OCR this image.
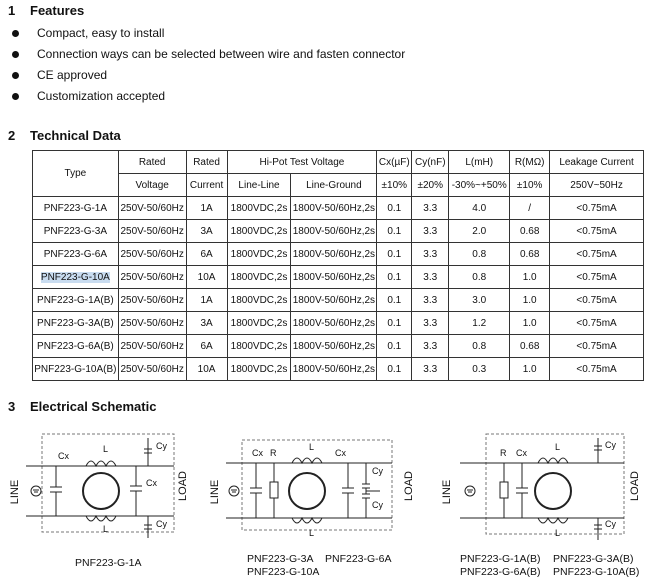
1 Features
Compact, easy to install
Connection ways can be selected between wire and fasten connector
CE approved
Customization accepted
2 Technical Data
Type	Rated	Rated	Hi-Pot Test Voltage		Cx(µF)	Cy(nF)	L(mH)	R(MΩ)	Leakage Current
	Voltage	Current	Line-Line	Line-Ground	±10%	±20%	-30%~+50%	±10%	250V~50Hz
PNF223-G-1A	250V-50/60Hz	1A	1800VDC,2s	1800V-50/60Hz,2s	0.1	3.3	4.0	/	<0.75mA
PNF223-G-3A	250V-50/60Hz	3A	1800VDC,2s	1800V-50/60Hz,2s	0.1	3.3	2.0	0.68	<0.75mA
PNF223-G-6A	250V-50/60Hz	6A	1800VDC,2s	1800V-50/60Hz,2s	0.1	3.3	0.8	0.68	<0.75mA
PNF223-G-10A	250V-50/60Hz	10A	1800VDC,2s	1800V-50/60Hz,2s	0.1	3.3	0.8	1.0	<0.75mA
PNF223-G-1A(B)	250V-50/60Hz	1A	1800VDC,2s	1800V-50/60Hz,2s	0.1	3.3	3.0	1.0	<0.75mA
PNF223-G-3A(B)	250V-50/60Hz	3A	1800VDC,2s	1800V-50/60Hz,2s	0.1	3.3	1.2	1.0	<0.75mA
PNF223-G-6A(B)	250V-50/60Hz	6A	1800VDC,2s	1800V-50/60Hz,2s	0.1	3.3	0.8	0.68	<0.75mA
PNF223-G-10A(B)	250V-50/60Hz	10A	1800VDC,2s	1800V-50/60Hz,2s	0.1	3.3	0.3	1.0	<0.75mA
3 Electrical Schematic
LINE	LOAD
Cx
Cx
Cy
Cy
L
L
LINE	LOAD
Cx R	Cx
Cy
Cy
L
L
LINE	LOAD
R Cx
Cy
Cy
L
L
PNF223-G-1A	PNF223-G-3A PNF223-G-6A
PNF223-G-10A
PNF223-G-1A(B) PNF223-G-3A(B)
PNF223-G-6A(B) PNF223-G-10A(B)
